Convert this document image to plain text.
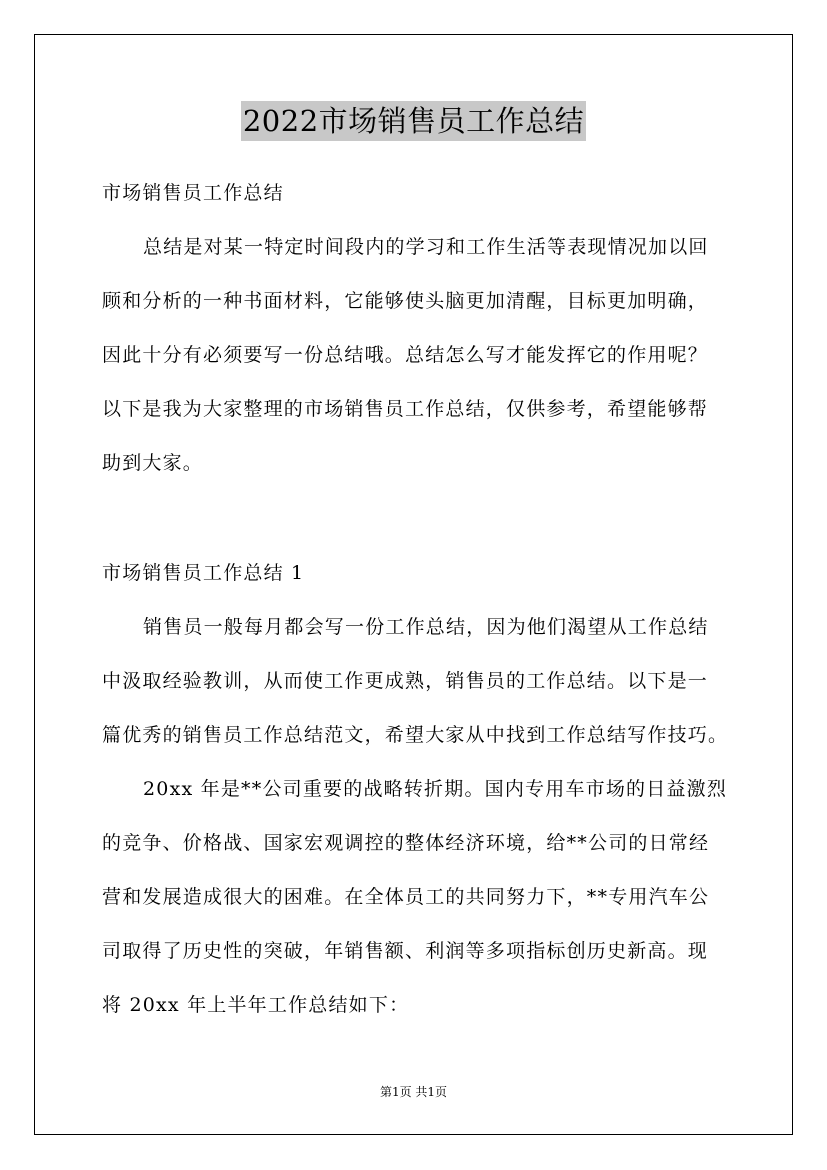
2022市场销售员工作总结
市场销售员工作总结
总结是对某一特定时间段内的学习和工作生活等表现情况加以回
顾和分析的一种书面材料，它能够使头脑更加清醒，目标更加明确，
因此十分有必须要写一份总结哦。总结怎么写才能发挥它的作用呢？
以下是我为大家整理的市场销售员工作总结，仅供参考，希望能够帮
助到大家。
市场销售员工作总结 1
销售员一般每月都会写一份工作总结，因为他们渴望从工作总结
中汲取经验教训，从而使工作更成熟，销售员的工作总结。以下是一
篇优秀的销售员工作总结范文，希望大家从中找到工作总结写作技巧。
20xx 年是**公司重要的战略转折期。国内专用车市场的日益激烈
的竞争、价格战、国家宏观调控的整体经济环境，给**公司的日常经
营和发展造成很大的困难。在全体员工的共同努力下，**专用汽车公
司取得了历史性的突破，年销售额、利润等多项指标创历史新高。现
将 20xx 年上半年工作总结如下：
第1页 共1页
